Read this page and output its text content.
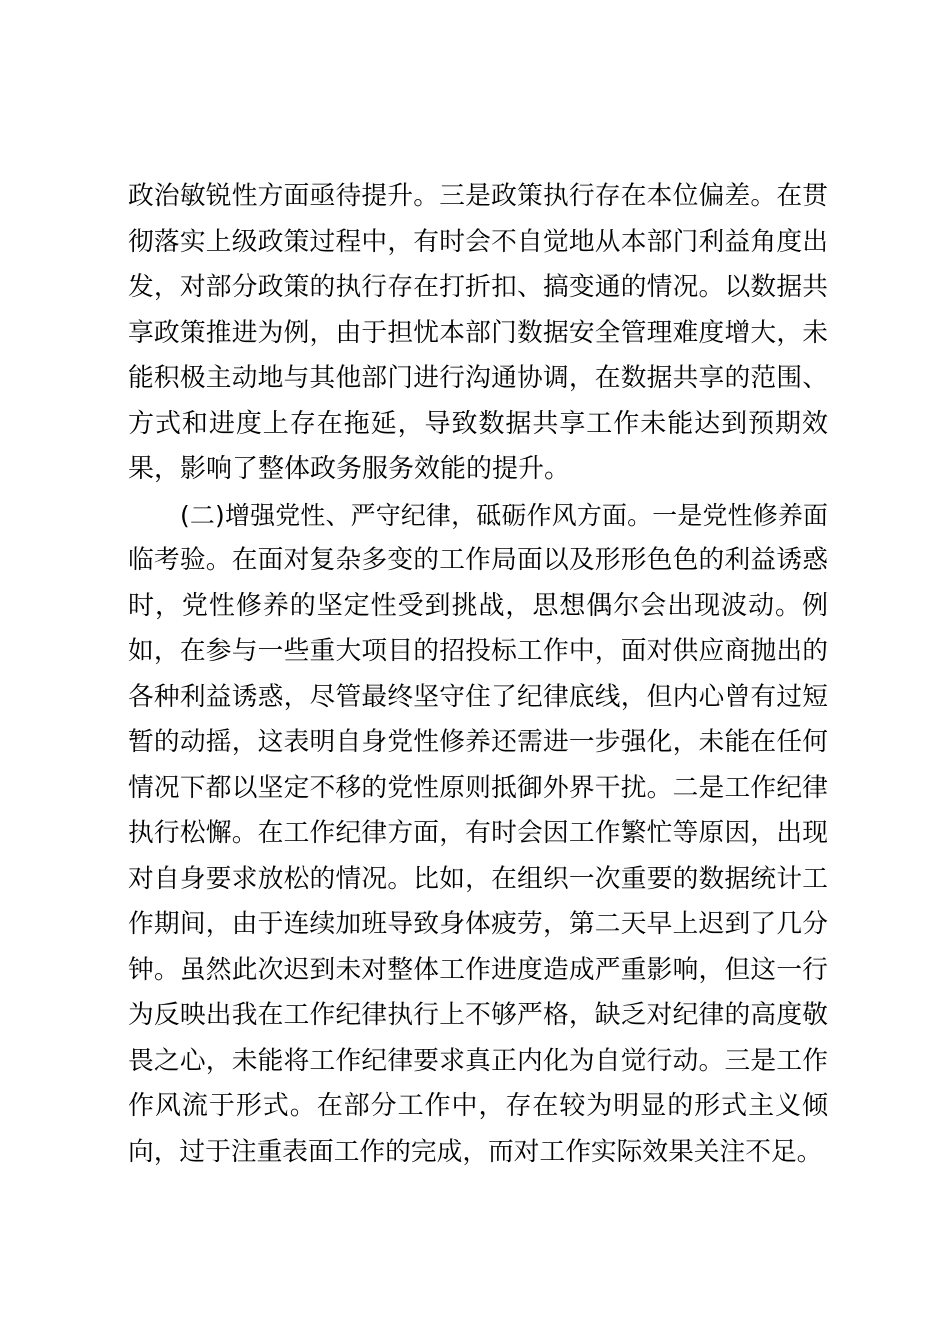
政治敏锐性方面亟待提升。三是政策执行存在本位偏差。在贯
彻落实上级政策过程中，有时会不自觉地从本部门利益角度出
发，对部分政策的执行存在打折扣、搞变通的情况。以数据共
享政策推进为例，由于担忧本部门数据安全管理难度增大，未
能积极主动地与其他部门进行沟通协调，在数据共享的范围、
方式和进度上存在拖延，导致数据共享工作未能达到预期效
果，影响了整体政务服务效能的提升。
(二)增强党性、严守纪律，砥砺作风方面。一是党性修养面
临考验。在面对复杂多变的工作局面以及形形色色的利益诱惑
时，党性修养的坚定性受到挑战，思想偶尔会出现波动。例
如，在参与一些重大项目的招投标工作中，面对供应商抛出的
各种利益诱惑，尽管最终坚守住了纪律底线，但内心曾有过短
暂的动摇，这表明自身党性修养还需进一步强化，未能在任何
情况下都以坚定不移的党性原则抵御外界干扰。二是工作纪律
执行松懈。在工作纪律方面，有时会因工作繁忙等原因，出现
对自身要求放松的情况。比如，在组织一次重要的数据统计工
作期间，由于连续加班导致身体疲劳，第二天早上迟到了几分
钟。虽然此次迟到未对整体工作进度造成严重影响，但这一行
为反映出我在工作纪律执行上不够严格，缺乏对纪律的高度敬
畏之心，未能将工作纪律要求真正内化为自觉行动。三是工作
作风流于形式。在部分工作中，存在较为明显的形式主义倾
向，过于注重表面工作的完成，而对工作实际效果关注不足。
